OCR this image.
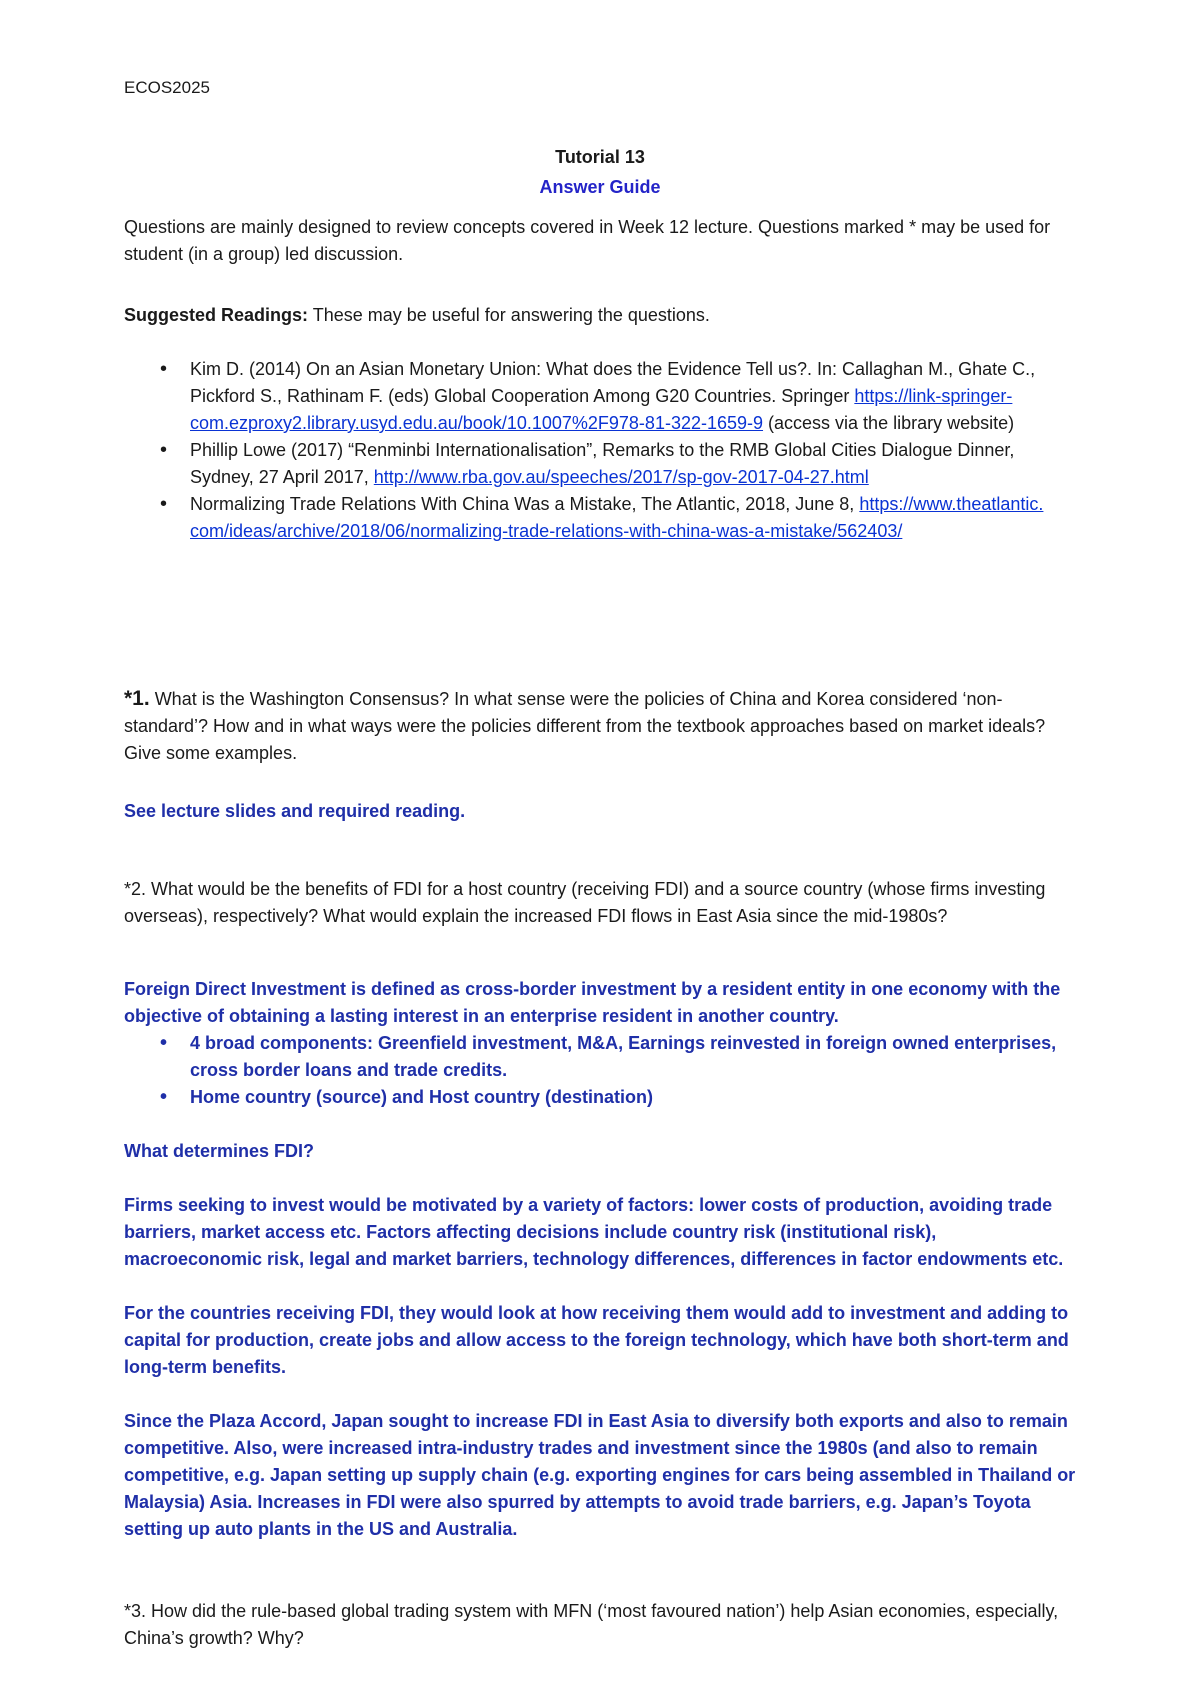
ECOS2025
Tutorial 13
Answer Guide

Questions are mainly designed to review concepts covered in Week 12 lecture. Questions marked * may be used for student (in a group) led discussion.

Suggested Readings: These may be useful for answering the questions.

• Kim D. (2014) On an Asian Monetary Union: What does the Evidence Tell us?. In: Callaghan M., Ghate C., Pickford S., Rathinam F. (eds) Global Cooperation Among G20 Countries. Springer https://link-springer-com.ezproxy2.library.usyd.edu.au/book/10.1007%2F978-81-322-1659-9 (access via the library website)
• Phillip Lowe (2017) “Renminbi Internationalisation”, Remarks to the RMB Global Cities Dialogue Dinner, Sydney, 27 April 2017, http://www.rba.gov.au/speeches/2017/sp-gov-2017-04-27.html
• Normalizing Trade Relations With China Was a Mistake, The Atlantic, 2018, June 8, https://www.theatlantic.com/ideas/archive/2018/06/normalizing-trade-relations-with-china-was-a-mistake/562403/

*1. What is the Washington Consensus? In what sense were the policies of China and Korea considered ‘non-standard’? How and in what ways were the policies different from the textbook approaches based on market ideals? Give some examples.

See lecture slides and required reading.

*2. What would be the benefits of FDI for a host country (receiving FDI) and a source country (whose firms investing overseas), respectively? What would explain the increased FDI flows in East Asia since the mid-1980s?

Foreign Direct Investment is defined as cross-border investment by a resident entity in one economy with the objective of obtaining a lasting interest in an enterprise resident in another country.

• 4 broad components: Greenfield investment, M&A, Earnings reinvested in foreign owned enterprises, cross border loans and trade credits.
• Home country (source) and Host country (destination)

What determines FDI?

Firms seeking to invest would be motivated by a variety of factors: lower costs of production, avoiding trade barriers, market access etc. Factors affecting decisions include country risk (institutional risk), macroeconomic risk, legal and market barriers, technology differences, differences in factor endowments etc.

For the countries receiving FDI, they would look at how receiving them would add to investment and adding to capital for production, create jobs and allow access to the foreign technology, which have both short-term and long-term benefits.

Since the Plaza Accord, Japan sought to increase FDI in East Asia to diversify both exports and also to remain competitive. Also, were increased intra-industry trades and investment since the 1980s (and also to remain competitive, e.g. Japan setting up supply chain (e.g. exporting engines for cars being assembled in Thailand or Malaysia) Asia. Increases in FDI were also spurred by attempts to avoid trade barriers, e.g. Japan’s Toyota setting up auto plants in the US and Australia.

*3. How did the rule-based global trading system with MFN (‘most favoured nation’) help Asian economies, especially, China’s growth? Why?
